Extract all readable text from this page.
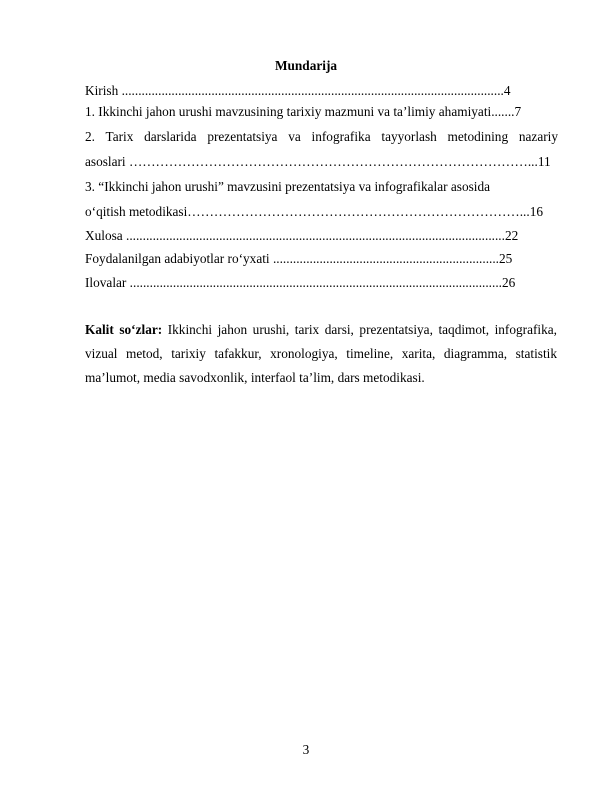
Mundarija
Kirish ...................................................................................................................4
1. Ikkinchi jahon urushi mavzusining tarixiy mazmuni va ta’limiy ahamiyati.......7
2. Tarix darslarida prezentatsiya va infografika tayyorlash metodining nazariy
asoslari ………………………………………………………………………………...11
3. “Ikkinchi jahon urushi” mavzusini prezentatsiya va infografikalar asosida
o‘qitish metodikasi…………………………………………………………………...16
Xulosa ..................................................................................................................22
Foydalanilgan adabiyotlar ro‘yxati ....................................................................25
Ilovalar ................................................................................................................26
Kalit so‘zlar: Ikkinchi jahon urushi, tarix darsi, prezentatsiya, taqdimot, infografika, vizual metod, tarixiy tafakkur, xronologiya, timeline, xarita, diagramma, statistik ma’lumot, media savodxonlik, interfaol ta’lim, dars metodikasi.
3
